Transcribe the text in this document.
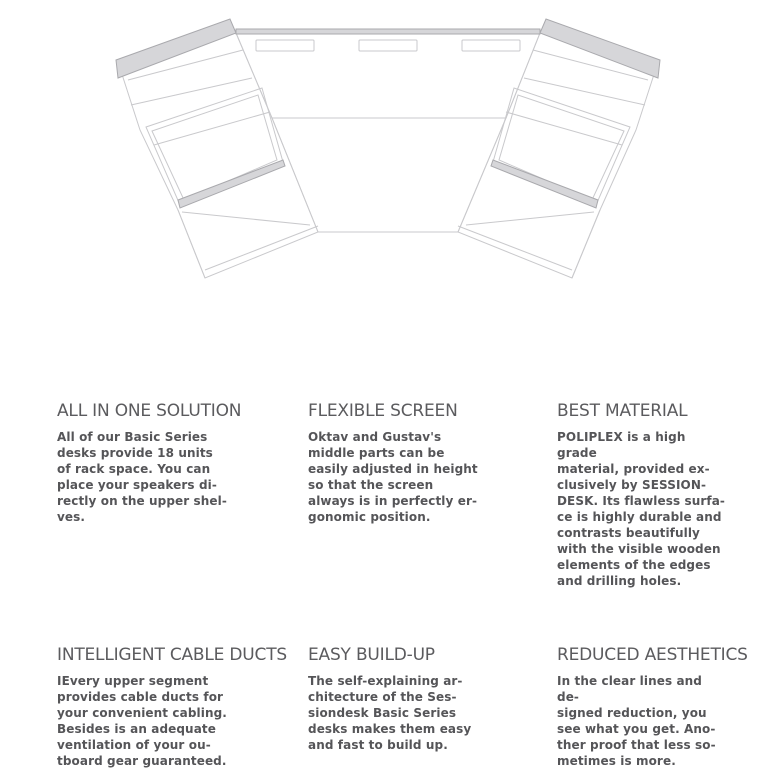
ALL IN ONE SOLUTION

All of our Basic Series
desks provide 18 units
of rack space. You can
place your speakers di-
rectly on the upper shel-
ves.

FLEXIBLE SCREEN

Oktav and Gustav's
middle parts can be
easily adjusted in height
so that the screen
always is in perfectly er-
gonomic position.

BEST MATERIAL

POLIPLEX is a high grade
material, provided ex-
clusively by SESSION-
DESK. Its flawless surfa-
ce is highly durable and
contrasts beautifully
with the visible wooden
elements of the edges
and drilling holes.

INTELLIGENT CABLE DUCTS

IEvery upper segment
provides cable ducts for
your convenient cabling.
Besides is an adequate
ventilation of your ou-
tboard gear guaranteed.

EASY BUILD-UP

The self-explaining ar-
chitecture of the Ses-
siondesk Basic Series
desks makes them easy
and fast to build up.

REDUCED AESTHETICS

In the clear lines and de-
signed reduction, you
see what you get. Ano-
ther proof that less so-
metimes is more.
